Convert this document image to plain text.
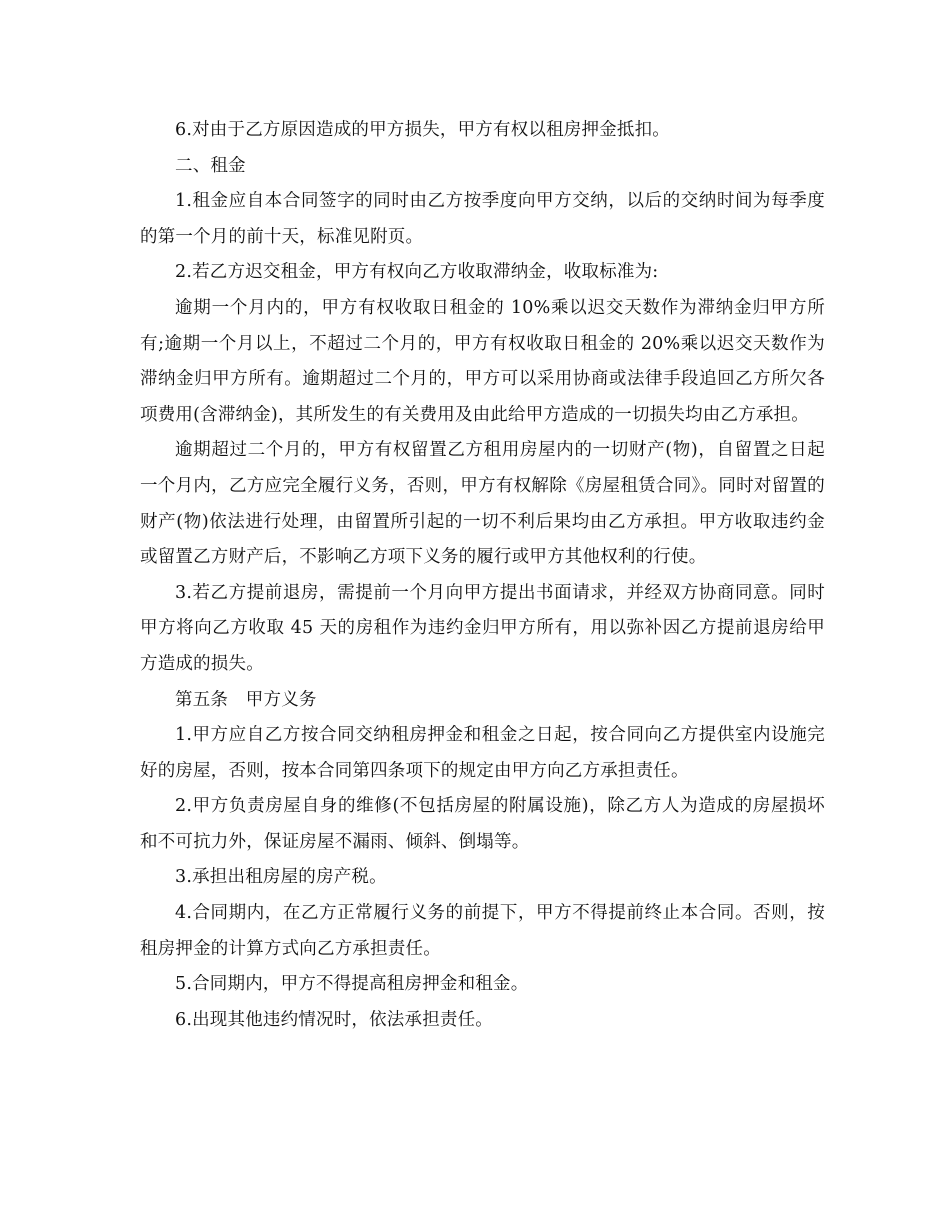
6.对由于乙方原因造成的甲方损失，甲方有权以租房押金抵扣。

二、租金

1.租金应自本合同签字的同时由乙方按季度向甲方交纳，以后的交纳时间为每季度的第一个月的前十天，标准见附页。

2.若乙方迟交租金，甲方有权向乙方收取滞纳金，收取标准为:

逾期一个月内的，甲方有权收取日租金的 10%乘以迟交天数作为滞纳金归甲方所有;逾期一个月以上，不超过二个月的，甲方有权收取日租金的 20%乘以迟交天数作为滞纳金归甲方所有。逾期超过二个月的，甲方可以采用协商或法律手段追回乙方所欠各项费用(含滞纳金)，其所发生的有关费用及由此给甲方造成的一切损失均由乙方承担。

逾期超过二个月的，甲方有权留置乙方租用房屋内的一切财产(物)，自留置之日起一个月内，乙方应完全履行义务，否则，甲方有权解除《房屋租赁合同》。同时对留置的财产(物)依法进行处理，由留置所引起的一切不利后果均由乙方承担。甲方收取违约金或留置乙方财产后，不影响乙方项下义务的履行或甲方其他权利的行使。

3.若乙方提前退房，需提前一个月向甲方提出书面请求，并经双方协商同意。同时甲方将向乙方收取 45 天的房租作为违约金归甲方所有，用以弥补因乙方提前退房给甲方造成的损失。

第五条　甲方义务

1.甲方应自乙方按合同交纳租房押金和租金之日起，按合同向乙方提供室内设施完好的房屋，否则，按本合同第四条项下的规定由甲方向乙方承担责任。

2.甲方负责房屋自身的维修(不包括房屋的附属设施)，除乙方人为造成的房屋损坏和不可抗力外，保证房屋不漏雨、倾斜、倒塌等。

3.承担出租房屋的房产税。

4.合同期内，在乙方正常履行义务的前提下，甲方不得提前终止本合同。否则，按租房押金的计算方式向乙方承担责任。

5.合同期内，甲方不得提高租房押金和租金。

6.出现其他违约情况时，依法承担责任。
